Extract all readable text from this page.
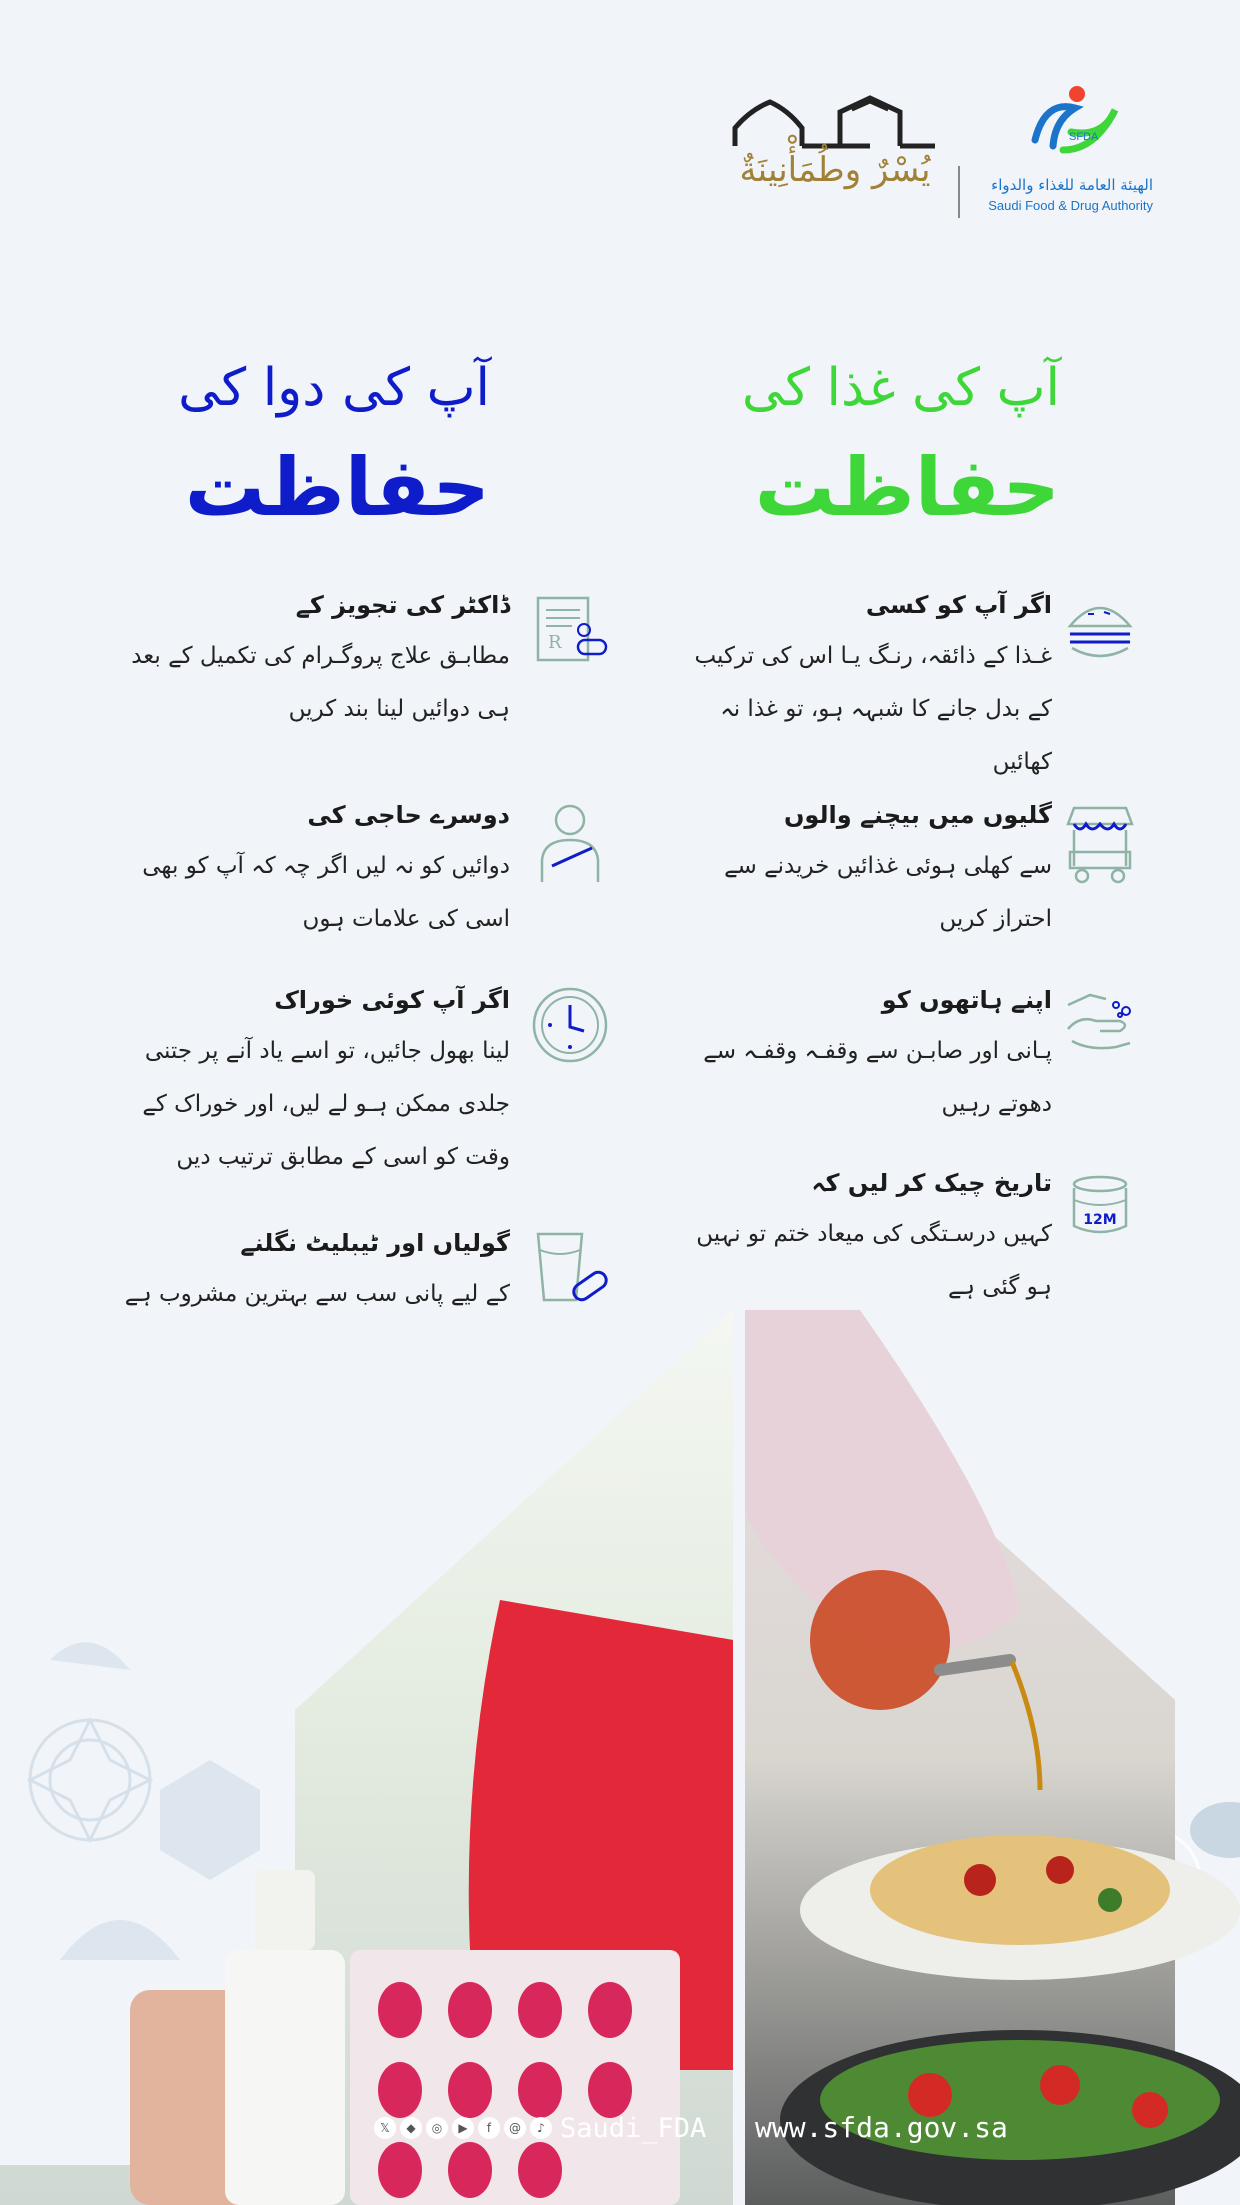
يُسْرٌ وطُمَأْنِينَةٌ
SFDA
الهيئة العامة للغذاء والدواء
Saudi Food & Drug Authority
آپ کی غذا کی
حفاظت
آپ کی دوا کی
حفاظت
اگر آپ کو کسی
غـذا کے ذائقہ، رنـگ یـا اس کی ترکیب کے بدل جانے کا شبہہ ہو، تو غذا نہ کھائیں
گلیوں میں بیچنے والوں
سے کھلی ہوئی غذائیں خریدنے سے احتراز کریں
اپنے ہاتھوں کو
پـانی اور صابـن سے وقفـہ وقفـہ سے دھوتے رہیں
12M
تاریخ چیک کر لیں کہ
کہیں درسـتگی کی میعاد ختم تو نہیں ہو گئی ہے
R
ڈاکٹر کی تجویز کے
مطابـق علاج پروگـرام کی تکمیل کے بعد ہی دوائیں لینا بند کریں
دوسرے حاجی کی
دوائیں کو نہ لیں اگر چہ کہ آپ کو بھی اسی کی علامات ہوں
اگر آپ کوئی خوراک
لینا بھول جائیں، تو اسے یاد آنے پر جتنی جلدی ممکن ہـو لے لیں، اور خوراک کے وقت کو اسی کے مطابق ترتیب دیں
گولیاں اور ٹیبلیٹ نگلنے
کے لیے پانی سب سے بہترین مشروب ہے
𝕏	◆	◎	▶	f	@	♪ Saudi_FDA www.sfda.gov.sa
